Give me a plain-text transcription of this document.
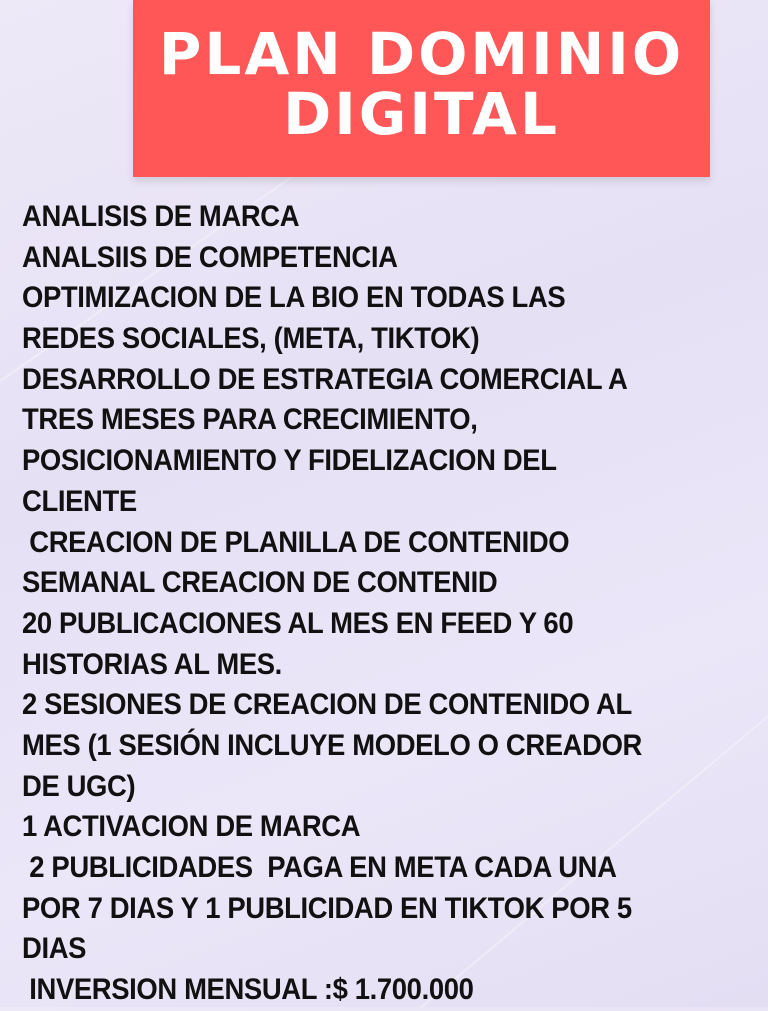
PLAN DOMINIO
DIGITAL
ANALISIS DE MARCA
ANALSIIS DE COMPETENCIA
OPTIMIZACION DE LA BIO EN TODAS LAS
REDES SOCIALES, (META, TIKTOK)
DESARROLLO DE ESTRATEGIA COMERCIAL A
TRES MESES PARA CRECIMIENTO,
POSICIONAMIENTO Y FIDELIZACION DEL
CLIENTE
CREACION DE PLANILLA DE CONTENIDO
SEMANAL CREACION DE CONTENID
20 PUBLICACIONES AL MES EN FEED Y 60
HISTORIAS AL MES.
2 SESIONES DE CREACION DE CONTENIDO AL
MES (1 SESIÓN INCLUYE MODELO O CREADOR
DE UGC)
1 ACTIVACION DE MARCA
2 PUBLICIDADES  PAGA EN META CADA UNA
POR 7 DIAS Y 1 PUBLICIDAD EN TIKTOK POR 5
DIAS
INVERSION MENSUAL :$ 1.700.000
